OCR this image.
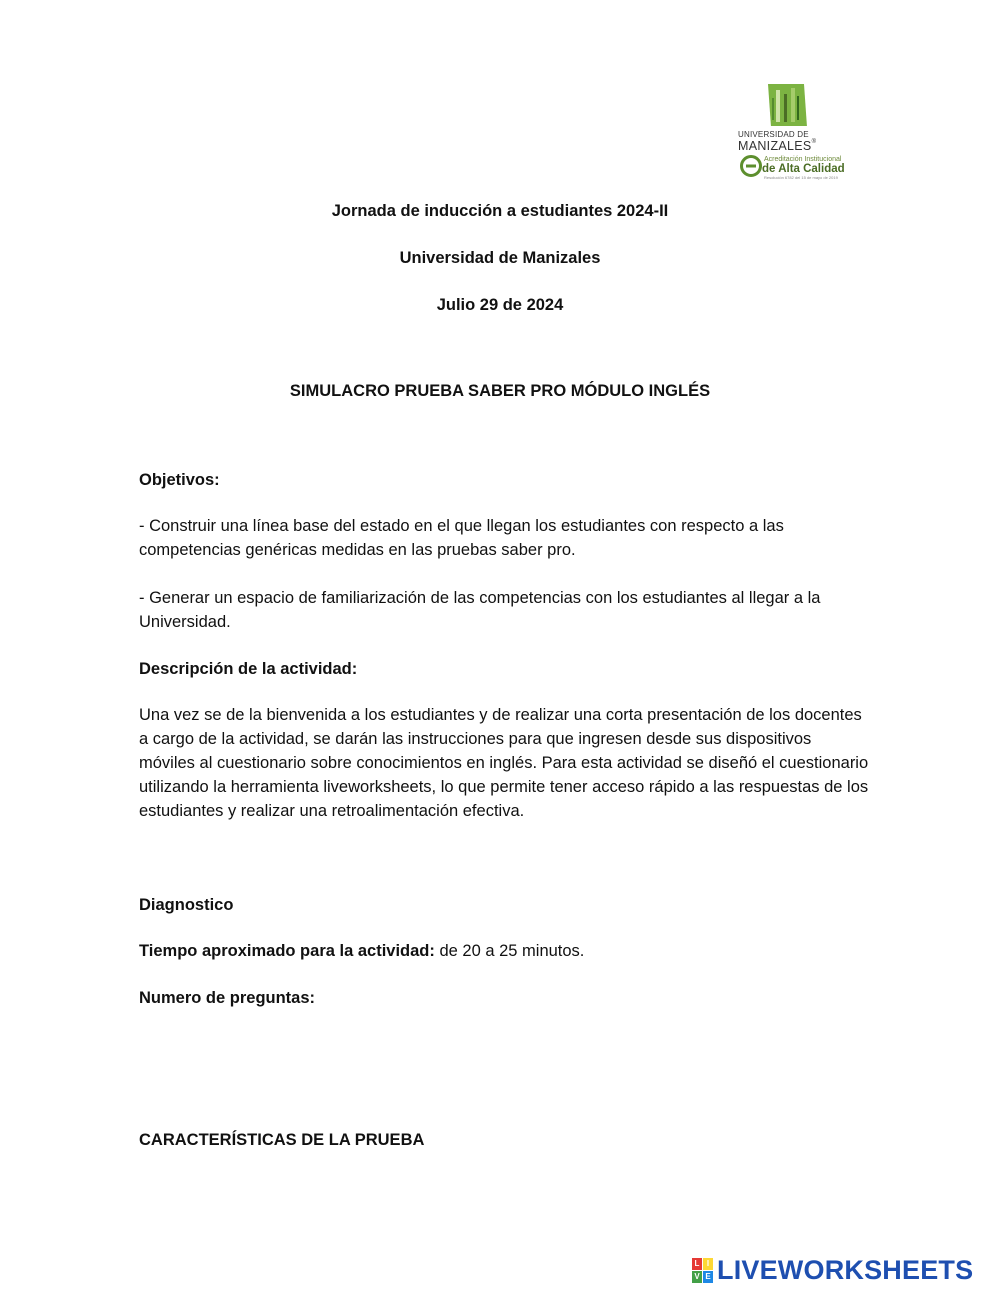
UNIVERSIDAD DE
MANIZALES®
Acreditación Institucional
de Alta Calidad
Resolución 6782 del 15 de mayo de 2019
Jornada de inducción a estudiantes 2024-II
Universidad de Manizales
Julio 29 de 2024
SIMULACRO PRUEBA SABER PRO MÓDULO INGLÉS
Objetivos:
- Construir una línea base del estado en el que llegan los estudiantes con respecto a las competencias genéricas medidas en las pruebas saber pro.
- Generar un espacio de familiarización de las competencias con los estudiantes al llegar a la Universidad.
Descripción de la actividad:
Una vez se de la bienvenida a los estudiantes y de realizar una corta presentación de los docentes a cargo de la actividad, se darán las instrucciones para que ingresen desde sus dispositivos móviles al cuestionario sobre conocimientos en inglés. Para esta actividad se diseñó el cuestionario utilizando la herramienta liveworksheets, lo que permite tener acceso rápido a las respuestas de los estudiantes y realizar una retroalimentación efectiva.
Diagnostico
Tiempo aproximado para la actividad: de 20 a 25 minutos.
Numero de preguntas:
CARACTERÍSTICAS DE LA PRUEBA
L I
V E LIVEWORKSHEETS
